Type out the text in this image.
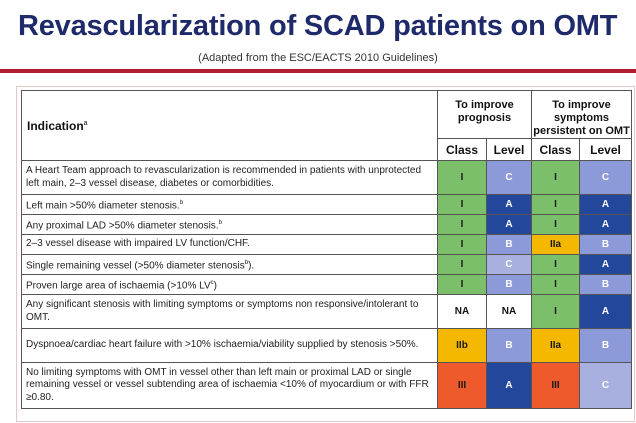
Revascularization of SCAD patients on OMT
(Adapted from the ESC/EACTS 2010 Guidelines)
Indication$^a$	To improve prognosis		To improve symptoms persistent on OMT	
	Class	Level	Class	Level
A Heart Team approach to revascularization is recommended in patients with unprotected left main, 2–3 vessel disease, diabetes or comorbidities.	I	C	I	C
Left main >50% diameter stenosis.$^b$	I	A	I	A
Any proximal LAD >50% diameter stenosis.$^b$	I	A	I	A
2–3 vessel disease with impaired LV function/CHF.	I	B	IIa	B
Single remaining vessel (>50% diameter stenosis$^b$).	I	C	I	A
Proven large area of ischaemia (>10% $LV^c$)	I	B	I	B
Any significant stenosis with limiting symptoms or symptoms non responsive/intolerant to OMT.	NA	NA	I	A
Dyspnoea/cardiac heart failure with >10% ischaemia/viability supplied by stenosis >50%.	IIb	B	IIa	B
No limiting symptoms with OMT in vessel other than left main or proximal LAD or single remaining vessel or vessel subtending area of ischaemia <10% of myocardium or with FFR ≥0.80.	III	A	III	C
